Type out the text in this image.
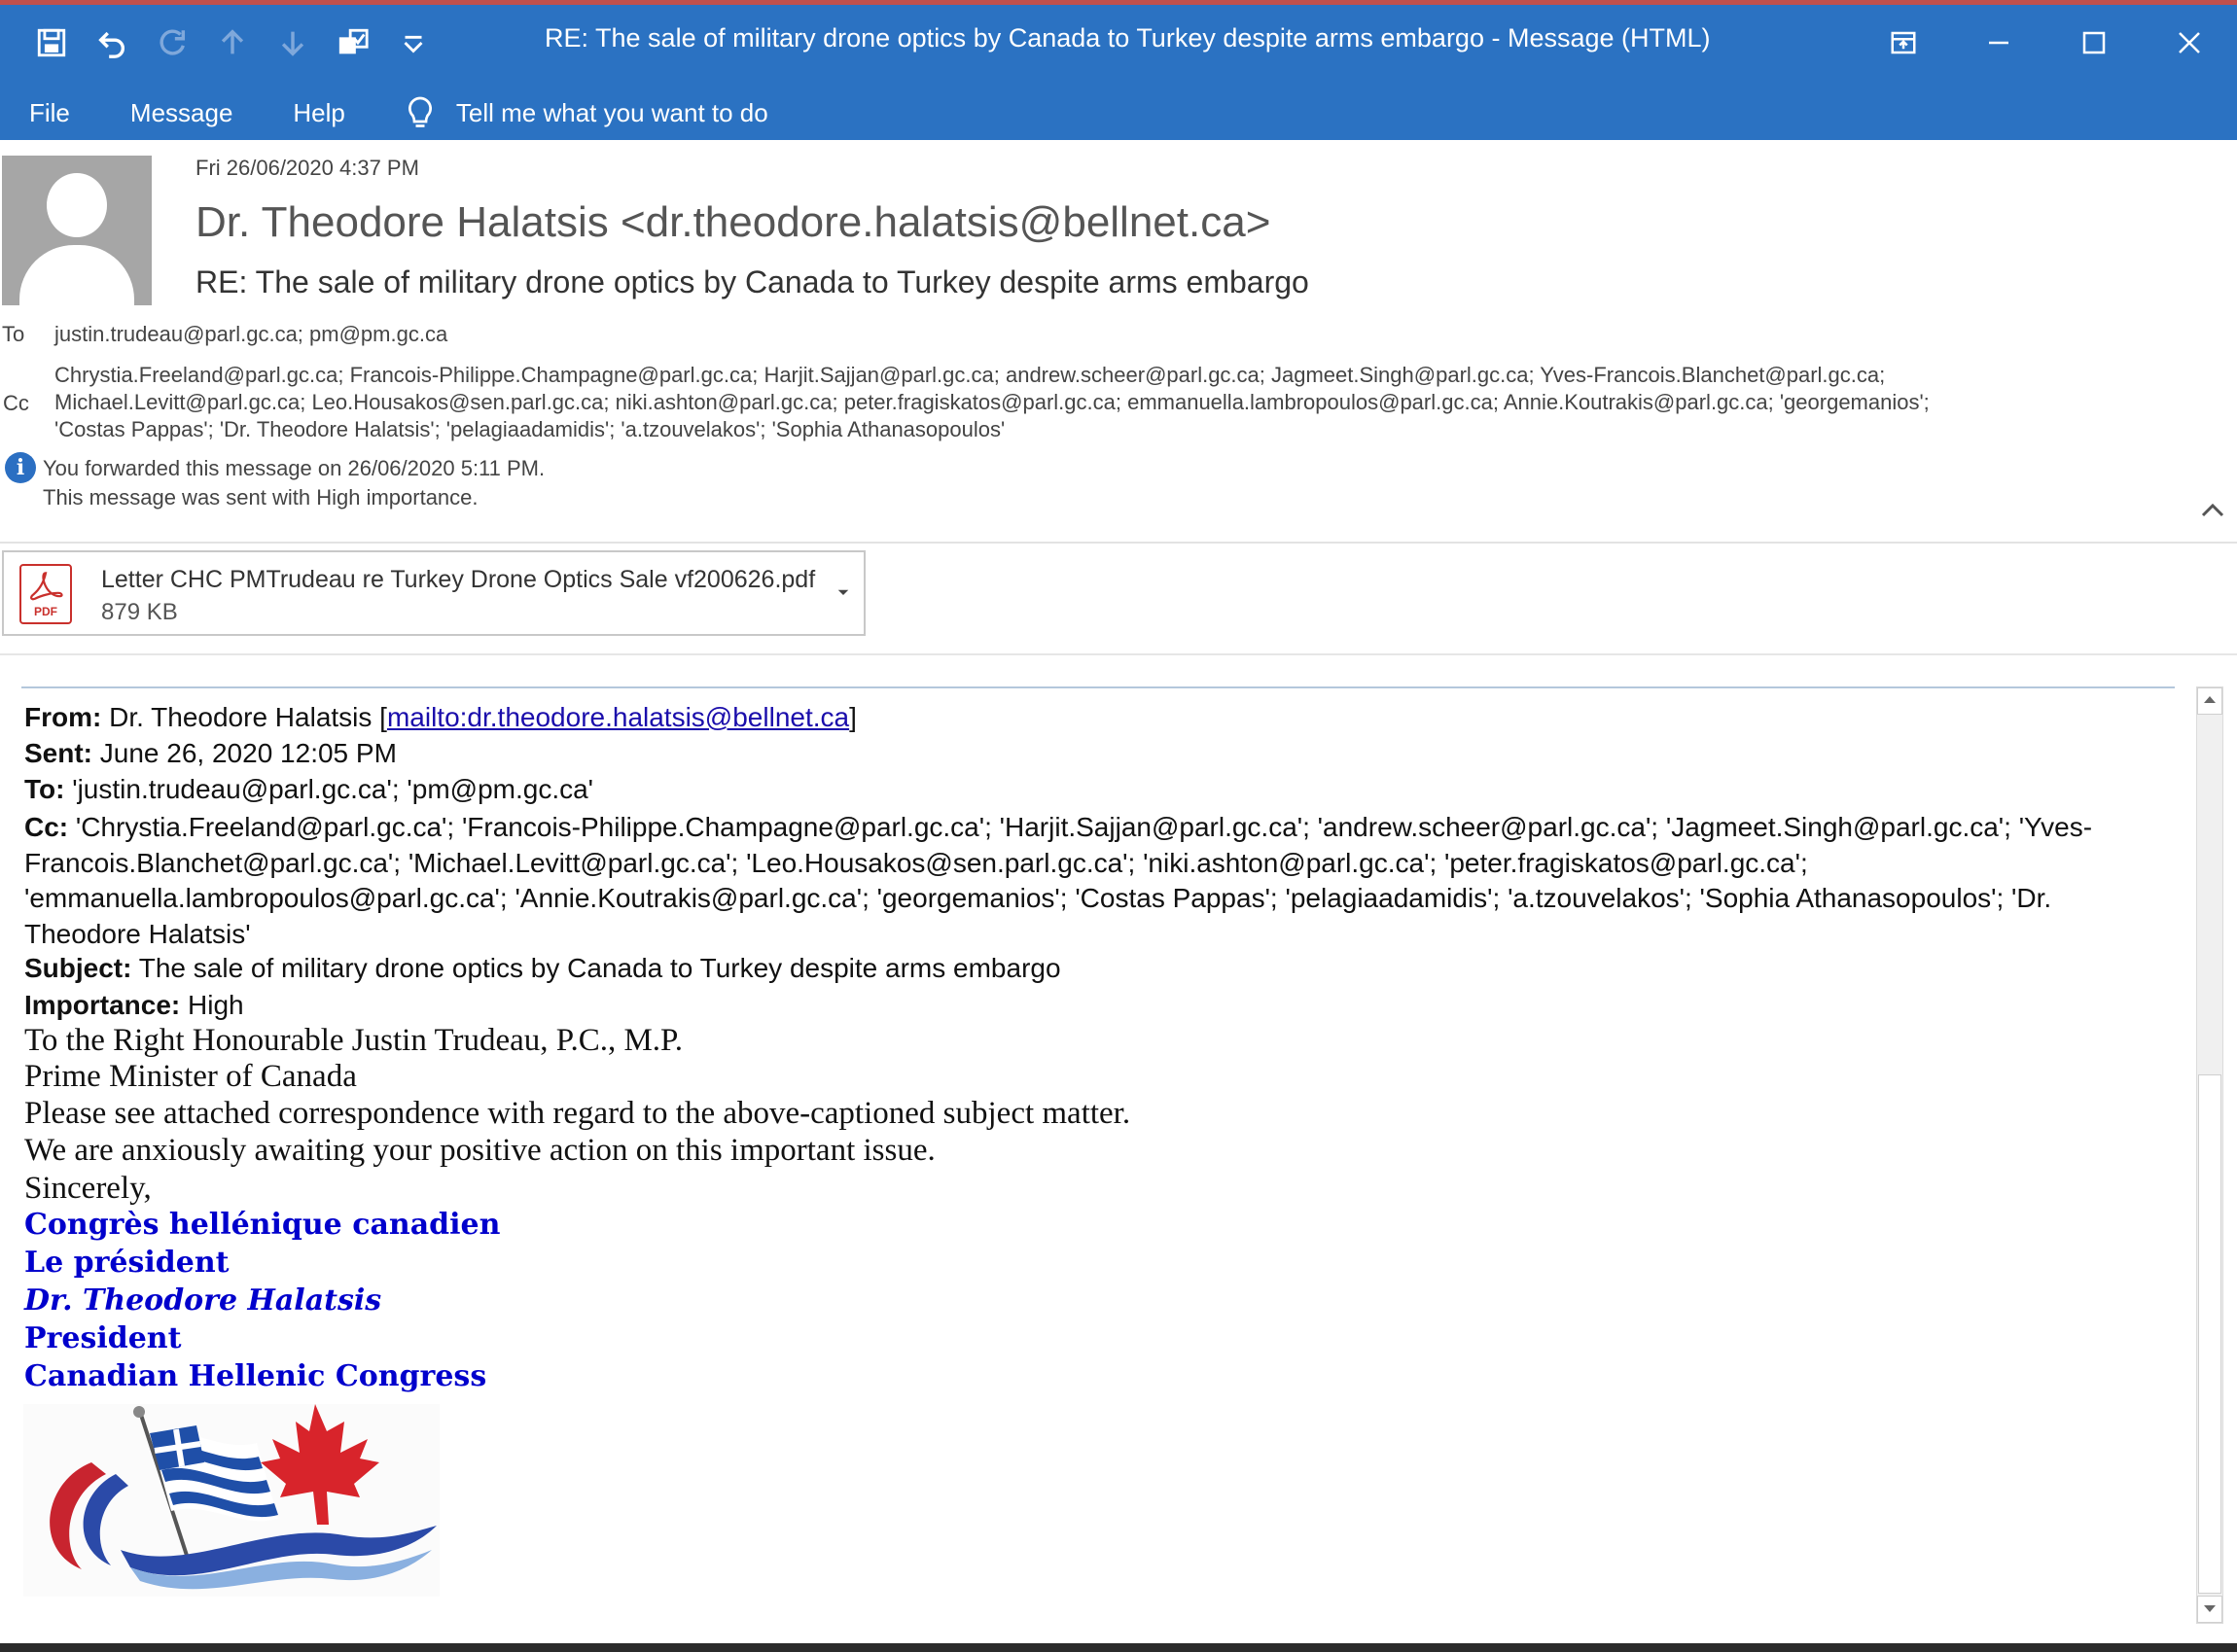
RE: The sale of military drone optics by Canada to Turkey despite arms embargo - Message (HTML)
File Message Help	Tell me what you want to do
Fri 26/06/2020 4:37 PM
Dr. Theodore Halatsis <dr.theodore.halatsis@bellnet.ca>
RE: The sale of military drone optics by Canada to Turkey despite arms embargo
To justin.trudeau@parl.gc.ca; pm@pm.gc.ca
Cc
Chrystia.Freeland@parl.gc.ca; Francois-Philippe.Champagne@parl.gc.ca; Harjit.Sajjan@parl.gc.ca; andrew.scheer@parl.gc.ca; Jagmeet.Singh@parl.gc.ca; Yves-Francois.Blanchet@parl.gc.ca;
Michael.Levitt@parl.gc.ca; Leo.Housakos@sen.parl.gc.ca; niki.ashton@parl.gc.ca; peter.fragiskatos@parl.gc.ca; emmanuella.lambropoulos@parl.gc.ca; Annie.Koutrakis@parl.gc.ca; 'georgemanios';
'Costas Pappas'; 'Dr. Theodore Halatsis'; 'pelagiaadamidis'; 'a.tzouvelakos'; 'Sophia Athanasopoulos'
i You forwarded this message on 26/06/2020 5:11 PM.
This message was sent with High importance.
PDF
Letter CHC PMTrudeau re Turkey Drone Optics Sale vf200626.pdf
879 KB
From: Dr. Theodore Halatsis [mailto:dr.theodore.halatsis@bellnet.ca]
Sent: June 26, 2020 12:05 PM
To: 'justin.trudeau@parl.gc.ca'; 'pm@pm.gc.ca'
Cc: 'Chrystia.Freeland@parl.gc.ca'; 'Francois-Philippe.Champagne@parl.gc.ca'; 'Harjit.Sajjan@parl.gc.ca'; 'andrew.scheer@parl.gc.ca'; 'Jagmeet.Singh@parl.gc.ca'; 'Yves-Francois.Blanchet@parl.gc.ca'; 'Michael.Levitt@parl.gc.ca'; 'Leo.Housakos@sen.parl.gc.ca'; 'niki.ashton@parl.gc.ca'; 'peter.fragiskatos@parl.gc.ca'; 'emmanuella.lambropoulos@parl.gc.ca'; 'Annie.Koutrakis@parl.gc.ca'; 'georgemanios'; 'Costas Pappas'; 'pelagiaadamidis'; 'a.tzouvelakos'; 'Sophia Athanasopoulos'; 'Dr. Theodore Halatsis'
Subject: The sale of military drone optics by Canada to Turkey despite arms embargo
Importance: High
To the Right Honourable Justin Trudeau, P.C., M.P.
Prime Minister of Canada
Please see attached correspondence with regard to the above-captioned subject matter.
We are anxiously awaiting your positive action on this important issue.
Sincerely,
Congrès hellénique canadien
Le président
Dr. Theodore Halatsis
President
Canadian Hellenic Congress
